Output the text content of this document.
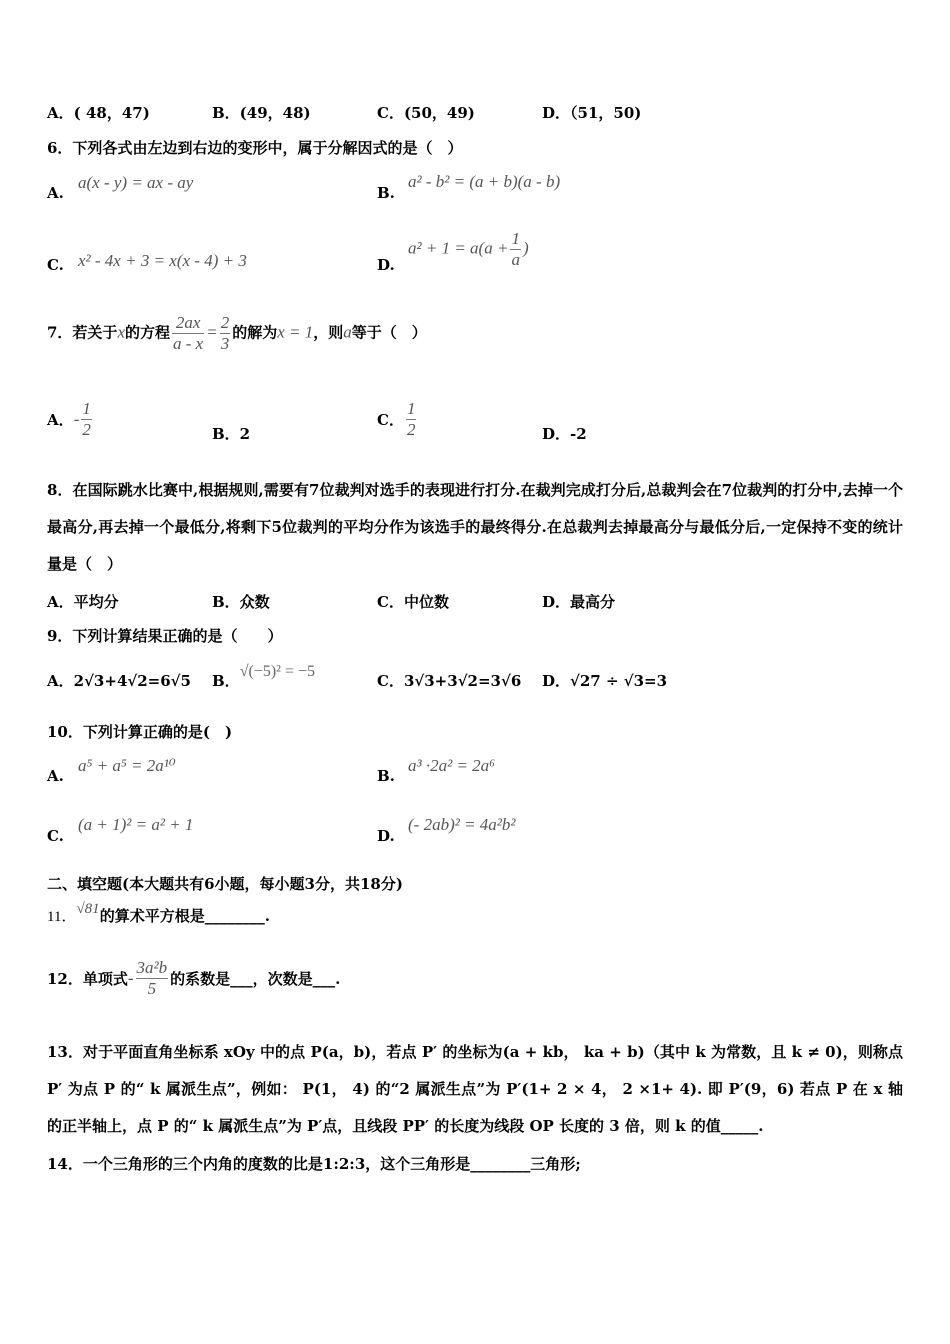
A．( 48，47)	B．(49，48)	C．(50，49)	D．（51，50)
6．下列各式由左边到右边的变形中，属于分解因式的是（　）
A.
a(x - y) = ax - ay
B.
a² - b² = (a + b)(a - b)
C. x² - 4x + 3 = x(x - 4) + 3	D.
$a^2 + 1 = a(a + \frac{1}{a}$ )
7．若关于x的方程 $\frac{2ax}{a - x} = \frac{2}{3}$ 的解为x = 1，则a等于（　）
A．- $\frac{1}{2}$	B．2
C． $\frac{1}{2}$	D．-2
8．在国际跳水比赛中,根据规则,需要有7位裁判对选手的表现进行打分.在裁判完成打分后,总裁判会在7位裁判的打分中,去掉一个最高分,再去掉一个最低分,将剩下5位裁判的平均分作为该选手的最终得分.在总裁判去掉最高分与最低分后,一定保持不变的统计量是（　）
A．平均分	B．众数	C．中位数	D．最高分
9．下列计算结果正确的是（　　）
A．2√3+4√2=6√5 B．√(−5)² = −5
C．3√3+3√2=3√6 D．√27 ÷ √3=3
10．下列计算正确的是(　)
A.
a⁵ + a⁵ = 2a¹⁰
B.
a³ ·2a² = 2a⁶
C.
(a + 1)² = a² + 1
D.
(- 2ab)² = 4a²b²
二、填空题(本大题共有6小题，每小题3分，共18分)
11．√81的算术平方根是________.
12．单项式- $\frac{\text{3a²b}}{5}$ 的系数是___，次数是___.
13．对于平面直角坐标系 xOy 中的点 P(a，b)，若点 P′ 的坐标为(a + kb， ka + b)（其中 k 为常数，且 k ≠ 0)，则称点 P′ 为点 P 的“ k 属派生点”，例如： P(1， 4) 的“2 属派生点”为 P′(1+ 2 × 4， 2 ×1+ 4). 即 P′(9，6) 若点 P 在 x 轴的正半轴上，点 P 的“ k 属派生点”为 P′点，且线段 PP′ 的长度为线段 OP 长度的 3 倍，则 k 的值_____.
14．一个三角形的三个内角的度数的比是1:2:3，这个三角形是________三角形;
